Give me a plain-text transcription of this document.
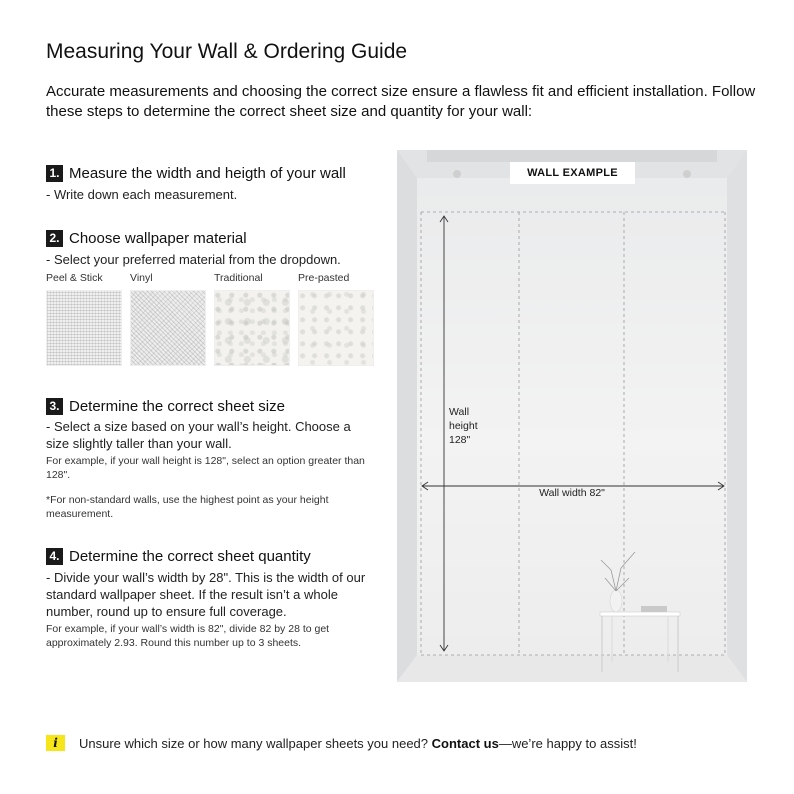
Measuring Your Wall & Ordering Guide
Accurate measurements and choosing the correct size ensure a flawless fit and efficient installation. Follow these steps to determine the correct sheet size and quantity for your wall:
1. Measure the width and heigth of your wall
- Write down each measurement.
2. Choose wallpaper material
- Select your preferred material from the dropdown.
Peel & Stick	Vinyl	Traditional	Pre-pasted
3. Determine the correct sheet size
- Select a size based on your wall’s height. Choose a size slightly taller than your wall.
For example, if your wall height is 128", select an option greater than 128".
*For non-standard walls, use the highest point as your height measurement.
4. Determine the correct sheet quantity
- Divide your wall’s width by 28". This is the width of our standard wallpaper sheet. If the result isn’t a whole number, round up to ensure full coverage.
For example, if your wall’s width is 82", divide 82 by 28 to get approximately 2.93. Round this number up to 3 sheets.
WALL EXAMPLE
Wall
height
128"
Wall width 82"
i	Unsure which size or how many wallpaper sheets you need? Contact us —we’re happy to assist!
